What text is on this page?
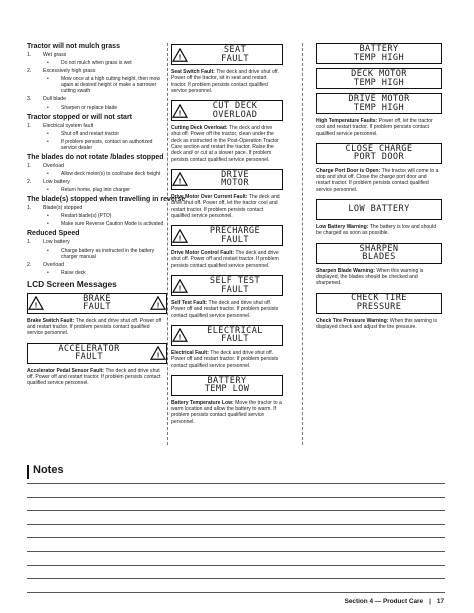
Tractor will not mulch grass
1.	Wet grass
•	Do not mulch when grass is wet
2.	Excessively high grass
•	Mow once at a high cutting height, then mow again at desired height or make a narrower cutting swath
3.	Dull blade
•	Sharpen or replace blade
Tractor stopped or will not start
1.	Electrical system fault
•	Shut off and restart tractor
•	If problem persists, contact an authorized service dealer
The blades do not rotate /blades stopped
1.	Overload
•	Allow deck motor(s) to cool/raise deck height
2.	Low battery
•	Return home, plug into charger
The blade(s) stopped when travelling in reverse
1.	Blade(s) stopped
•	Restart blade(s) (PTO)
•	Make sure Reverse Caution Mode is activated
Reduced Speed
1.	Low battery
•	Charge battery as instructed in the battery charger manual
2.	Overload
•	Raise deck
LCD Screen Messages
!
BRAKE
FAULT	!
Brake Switch Fault: The deck and drive shut off. Power off and restart tractor. If problem persists contact qualified service personnel.
ACCELERATOR
FAULT	!
Accelerator Pedal Sensor Fault: The deck and drive shut off. Power off and restart tractor. If problem persists contact qualified service personnel.
!
SEAT
FAULT
Seat Switch Fault: The deck and drive shut off. Power off the tractor, sit in seat and restart tractor. If problem persists contact qualified service personnel.
!
CUT DECK
OVERLOAD
Cutting Deck Overload: The deck and drive shut off. Power off the tractor, clean under the deck as instructed in the Post-Operation Tractor Care section and restart the tractor. Raise the deck and/ or cut at a slower pace. If problem persists contact qualified service personnel.
!
DRIVE
MOTOR
Drive Motor Over Current Fault: The deck and drive shut off. Power off, let the tractor cool and restart tractor. If problem persists contact qualified service personnel.
!
PRECHARGE
FAULT
Drive Motor Control Fault: The deck and drive shut off. Power off and restart tractor. If problem persists contact qualified service personnel.
!
SELF TEST
FAULT
Self Test Fault: The deck and drive shut off. Power off and restart tractor. If problem persists contact qualified service personnel.
!
ELECTRICAL
FAULT
Electrical Fault: The deck and drive shut off. Power off and restart tractor. If problem persists contact qualified service personnel.
BATTERY
TEMP LOW
Battery Temperature Low: Move the tractor to a warm location and allow the battery to warm. If problem persists contact qualified service personnel.
BATTERY
TEMP HIGH
DECK MOTOR
TEMP HIGH
DRIVE MOTOR
TEMP HIGH
High Temperature Faults: Power off, let the tractor cool and restart tractor. If problem persists contact qualified service personnel.
CLOSE CHARGE
PORT DOOR
Charge Port Door is Open: The tractor will come to a stop and shut off. Close the charge port door and restart tractor. If problem persists contact qualified service personnel.
LOW BATTERY
Low Battery Warning: The battery is low and should be charged as soon as possible.
SHARPEN
BLADES
Sharpen Blade Warning: When this warning is displayed, the blades should be checked and sharpened.
CHECK TIRE
PRESSURE
Check Tire Pressure Warning: When this warning is displayed check and adjust the tire pressure.
Notes
Section 4 — Product Care | 17
